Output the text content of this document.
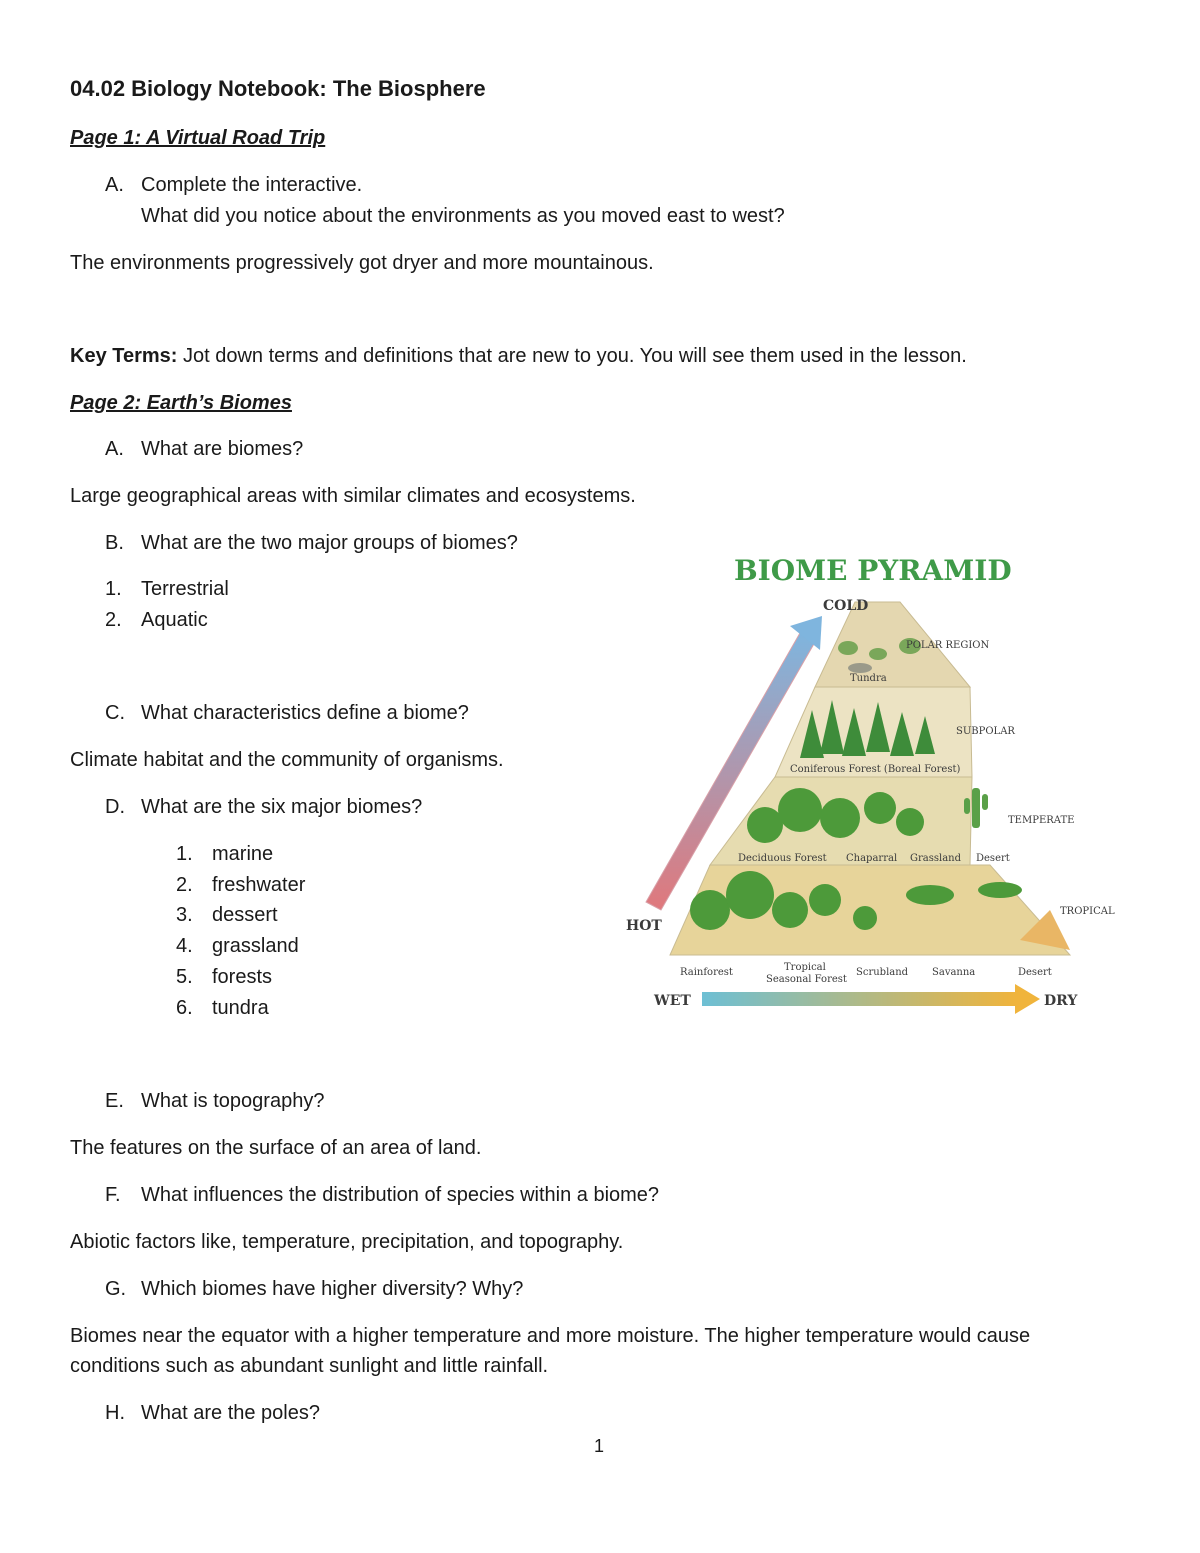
04.02 Biology Notebook: The Biosphere
Page 1: A Virtual Road Trip
A. Complete the interactive.
What did you notice about the environments as you moved east to west?
The environments progressively got dryer and more mountainous.
Key Terms: Jot down terms and definitions that are new to you. You will see them used in the lesson.
Page 2: Earth’s Biomes
A. What are biomes?
Large geographical areas with similar climates and ecosystems.
B. What are the two major groups of biomes?
1. Terrestrial
2. Aquatic
C. What characteristics define a biome?
Climate habitat and the community of organisms.
D. What are the six major biomes?
1. marine
2. freshwater
3. dessert
4. grassland
5. forests
6. tundra
E. What is topography?
The features on the surface of an area of land.
F. What influences the distribution of species within a biome?
Abiotic factors like, temperature, precipitation, and topography.
G. Which biomes have higher diversity? Why?
Biomes near the equator with a higher temperature and more moisture. The higher temperature would cause
conditions such as abundant sunlight and little rainfall.
H. What are the poles?
1
BIOME PYRAMID
COLD
POLAR REGION
SUBPOLAR
TEMPERATE
TROPICAL
Tundra
Coniferous Forest (Boreal Forest)
Deciduous Forest Chaparral Grassland Desert
HOT
Rainforest	Tropical
Seasonal Forest
Scrubland Savanna	Desert
WET	DRY
